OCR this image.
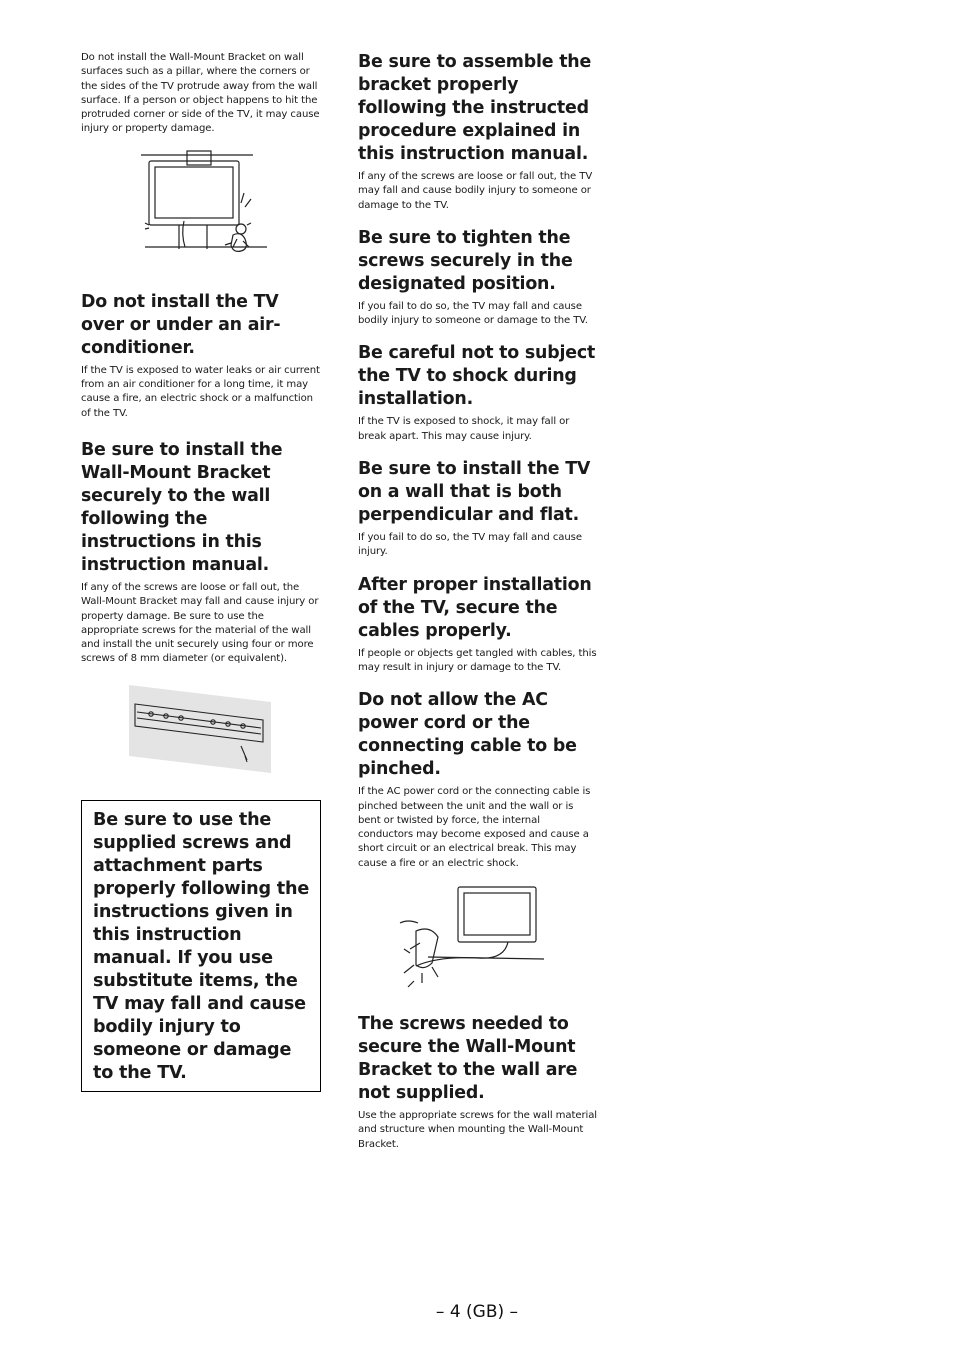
Do not install the Wall-Mount Bracket on wall surfaces such as a pillar, where the corners or the sides of the TV protrude away from the wall surface. If a person or object happens to hit the protruded corner or side of the TV, it may cause injury or property damage.

Do not install the TV over or under an air-conditioner.

If the TV is exposed to water leaks or air current from an air conditioner for a long time, it may cause a fire, an electric shock or a malfunction of the TV.

Be sure to install the Wall-Mount Bracket securely to the wall following the instructions in this instruction manual.

If any of the screws are loose or fall out, the Wall-Mount Bracket may fall and cause injury or property damage. Be sure to use the appropriate screws for the material of the wall and install the unit securely using four or more screws of 8 mm diameter (or equivalent).

Be sure to use the supplied screws and attachment parts properly following the instructions given in this instruction manual. If you use substitute items, the TV may fall and cause bodily injury to someone or damage to the TV.
Be sure to assemble the bracket properly following the instructed procedure explained in this instruction manual.

If any of the screws are loose or fall out, the TV may fall and cause bodily injury to someone or damage to the TV.

Be sure to tighten the screws securely in the designated position.

If you fail to do so, the TV may fall and cause bodily injury to someone or damage to the TV.

Be careful not to subject the TV to shock during installation.

If the TV is exposed to shock, it may fall or break apart. This may cause injury.

Be sure to install the TV on a wall that is both perpendicular and flat.

If you fail to do so, the TV may fall and cause injury.

After proper installation of the TV, secure the cables properly.

If people or objects get tangled with cables, this may result in injury or damage to the TV.

Do not allow the AC power cord or the connecting cable to be pinched.

If the AC power cord or the connecting cable is pinched between the unit and the wall or is bent or twisted by force, the internal conductors may become exposed and cause a short circuit or an electrical break. This may cause a fire or an electric shock.

The screws needed to secure the Wall-Mount Bracket to the wall are not supplied.

Use the appropriate screws for the wall material and structure when mounting the Wall-Mount Bracket.

– 4 (GB) –
